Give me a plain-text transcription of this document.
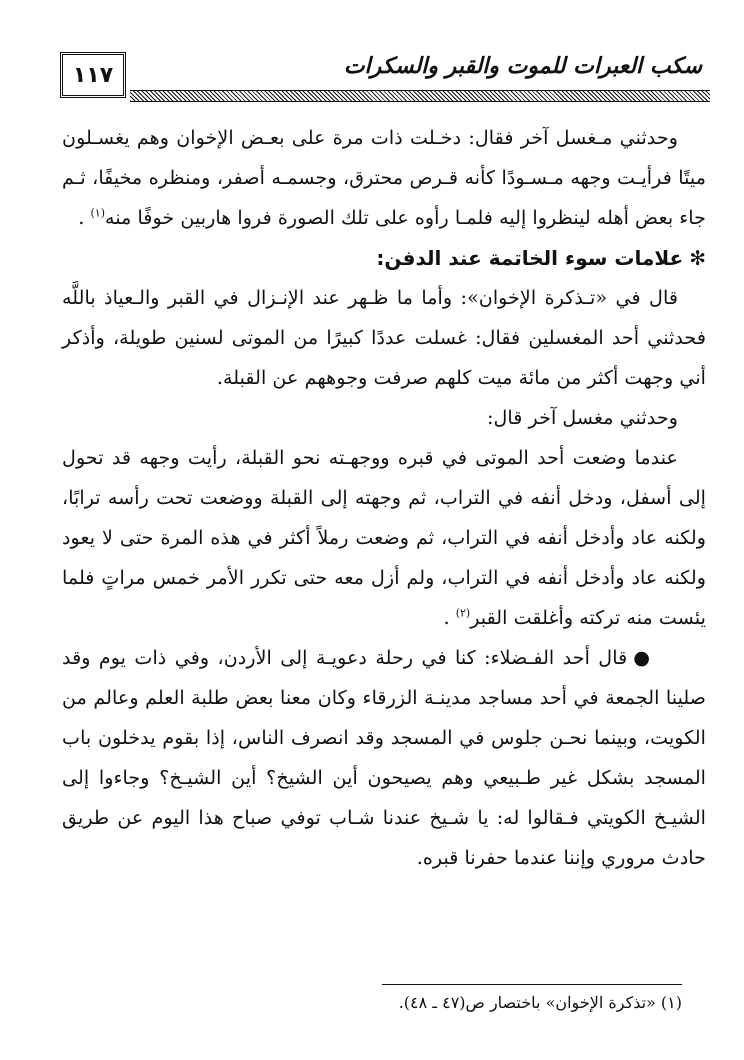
١١٧	سكب العبرات للموت والقبر والسكرات

وحدثني مـغسل آخر فقال: دخـلت ذات مرة على بعـض الإخوان وهم يغسـلون ميتًا فرأيـت وجهه مـسـودًا كأنه قـرص محترق، وجسمـه أصفر، ومنظره مخيفًا، ثـم جاء بعض أهله لينظروا إليه فلمـا رأوه على تلك الصورة فروا هاربين خوفًا منه$^{(١)}$ .

✻علامات سوء الخاتمة عند الدفن:

قال في «تـذكرة الإخوان»: وأما ما ظـهر عند الإنـزال في القبر والـعياذ باللَّه فحدثني أحد المغسلين فقال: غسلت عددًا كبيرًا من الموتى لسنين طويلة، وأذكر أني وجهت أكثر من مائة ميت كلهم صرفت وجوههم عن القبلة.

وحدثني مغسل آخر قال:

عندما وضعت أحد الموتى في قبره ووجهـته نحو القبلة، رأيت وجهه قد تحول إلى أسفل، ودخل أنفه في التراب، ثم وجهته إلى القبلة ووضعت تحت رأسه ترابًا، ولكنه عاد وأدخل أنفه في التراب، ثم وضعت رملاً أكثر في هذه المرة حتى لا يعود ولكنه عاد وأدخل أنفه في التراب، ولم أزل معه حتى تكرر الأمر خمس مراتٍ فلما يئست منه تركته وأغلقت القبر$^{(٢)}$ .

●قال أحد الفـضلاء: كنا في رحلة دعويـة إلى الأردن، وفي ذات يوم وقد صلينا الجمعة في أحد مساجد مدينـة الزرقاء وكان معنا بعض طلبة العلم وعالم من الكويت، وبينما نحـن جلوس في المسجد وقد انصرف الناس، إذا بقوم يدخلون باب المسجد بشكل غير طـبيعي وهم يصيحون أين الشيخ؟ أين الشيـخ؟ وجاءوا إلى الشيـخ الكويتي فـقالوا له: يا شـيخ عندنا شـاب توفي صباح هذا اليوم عن طريق حادث مروري وإننا عندما حفرنا قبره.

(١) «تذكرة الإخوان» باختصار ص(٤٧ ـ ٤٨).
